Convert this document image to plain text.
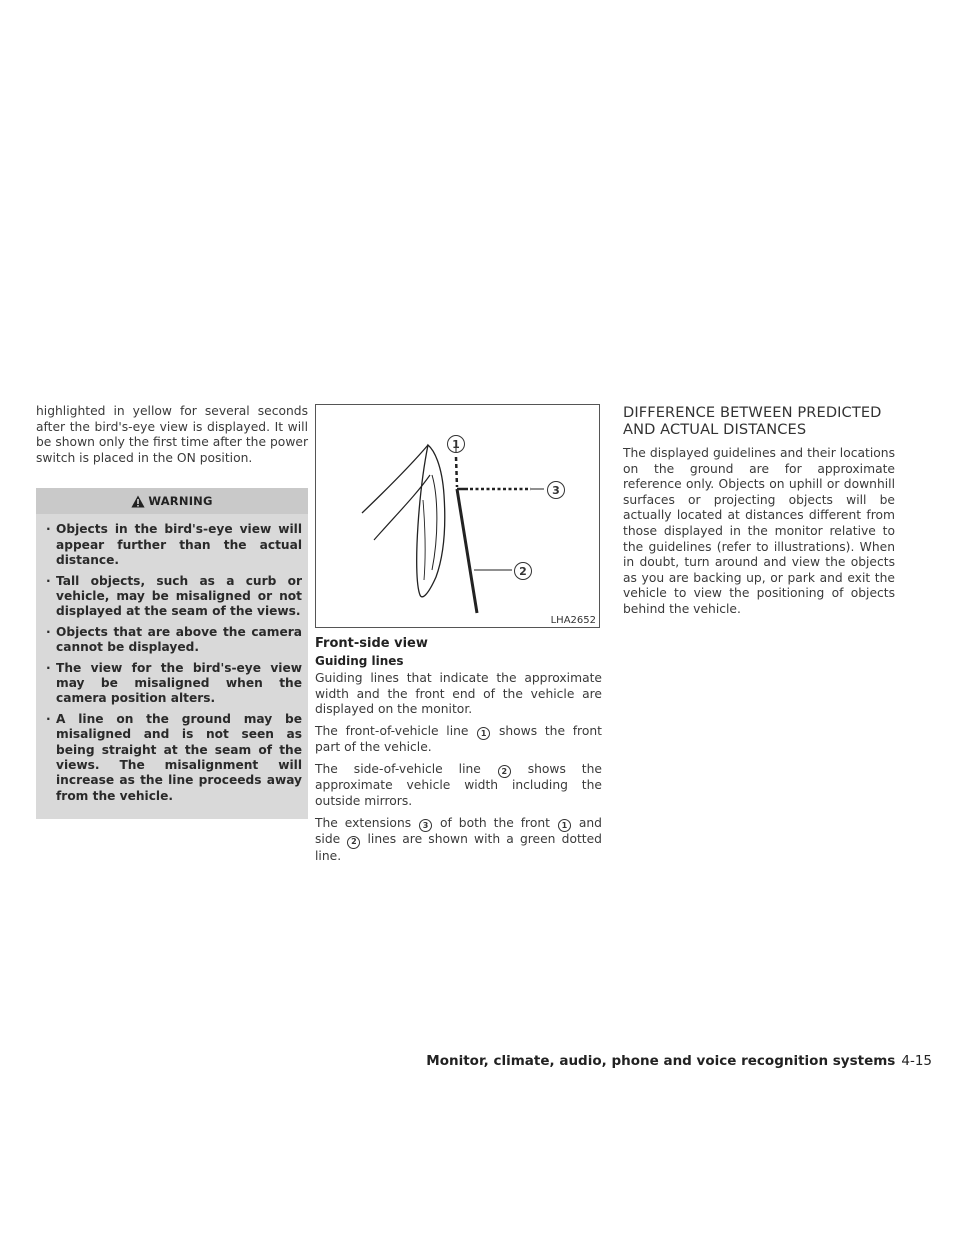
highlighted in yellow for several seconds after the bird's-eye view is displayed. It will be shown only the first time after the power switch is placed in the ON position.

WARNING
· Objects in the bird's-eye view will appear further than the actual distance.
· Tall objects, such as a curb or vehicle, may be misaligned or not displayed at the seam of the views.
· Objects that are above the camera cannot be displayed.
· The view for the bird's-eye view may be misaligned when the camera position alters.
· A line on the ground may be misaligned and is not seen as being straight at the seam of the views. The misalignment will increase as the line proceeds away from the vehicle.
1
3
2
LHA2652
Front-side view
Guiding lines

Guiding lines that indicate the approximate width and the front end of the vehicle are displayed on the monitor.

The front-of-vehicle line 1 shows the front part of the vehicle.

The side-of-vehicle line	2 shows the approximate vehicle width including the outside mirrors.

The extensions 3 of both the front 1 and side 2 lines are shown with a green dotted line.

DIFFERENCE BETWEEN PREDICTED AND ACTUAL DISTANCES

The displayed guidelines and their locations on the ground are for approximate reference only. Objects on uphill or downhill surfaces or projecting objects will be actually located at distances different from those displayed in the monitor relative to the guidelines (refer to illustrations). When in doubt, turn around and view the objects as you are backing up, or park and exit the vehicle to view the positioning of objects behind the vehicle.

Monitor, climate, audio, phone and voice recognition systems 4-15
